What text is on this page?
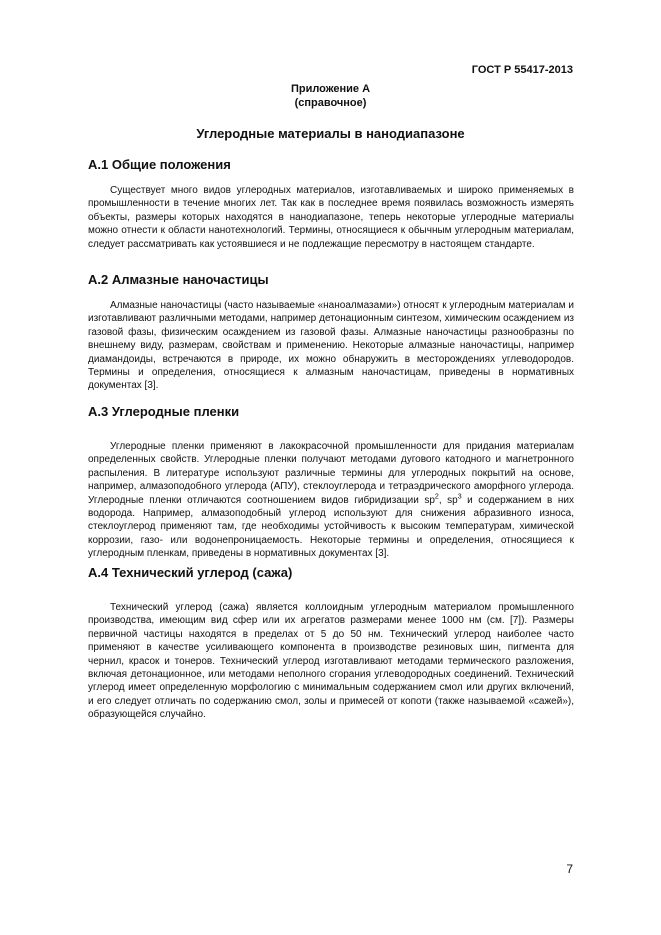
ГОСТ Р 55417-2013
Приложение А
(справочное)
Углеродные материалы в нанодиапазоне
А.1 Общие положения

Существует много видов углеродных материалов, изготавливаемых и широко применяемых в промышленности в течение многих лет. Так как в последнее время появилась возможность измерять объекты, размеры которых находятся в нанодиапазоне, теперь некоторые углеродные материалы можно отнести к области нанотехнологий. Термины, относящиеся к обычным углеродным материалам, следует рассматривать как устоявшиеся и не подлежащие пересмотру в настоящем стандарте.

А.2 Алмазные наночастицы

Алмазные наночастицы (часто называемые «наноалмазами») относят к углеродным материалам и изготавливают различными методами, например детонационным синтезом, химическим осаждением из газовой фазы, физическим осаждением из газовой фазы. Алмазные наночастицы разнообразны по внешнему виду, размерам, свойствам и применению. Некоторые алмазные наночастицы, например диамандоиды, встречаются в природе, их можно обнаружить в месторождениях углеводородов. Термины и определения, относящиеся к алмазным наночастицам, приведены в нормативных документах [3].

А.3 Углеродные пленки

Углеродные пленки применяют в лакокрасочной промышленности для придания материалам определенных свойств. Углеродные пленки получают методами дугового катодного и магнетронного распыления. В литературе используют различные термины для углеродных покрытий на основе, например, алмазоподобного углерода (АПУ), стеклоуглерода и тетраэдрического аморфного углерода. Углеродные пленки отличаются соотношением видов гибридизации $sp^2$, $sp^3$ и содержанием в них водорода. Например, алмазоподобный углерод используют для снижения абразивного износа, стеклоуглерод применяют там, где необходимы устойчивость к высоким температурам, химической коррозии, газо- или водонепроницаемость. Некоторые термины и определения, относящиеся к углеродным пленкам, приведены в нормативных документах [3].

А.4 Технический углерод (сажа)

Технический углерод (сажа) является коллоидным углеродным материалом промышленного производства, имеющим вид сфер или их агрегатов размерами менее 1000 нм (см. [7]). Размеры первичной частицы находятся в пределах от 5 до 50 нм. Технический углерод наиболее часто применяют в качестве усиливающего компонента в производстве резиновых шин, пигмента для чернил, красок и тонеров. Технический углерод изготавливают методами термического разложения, включая детонационное, или методами неполного сгорания углеводородных соединений. Технический углерод имеет определенную морфологию с минимальным содержанием смол или других включений, и его следует отличать по содержанию смол, золы и примесей от копоти (также называемой «сажей»), образующейся случайно.

7
